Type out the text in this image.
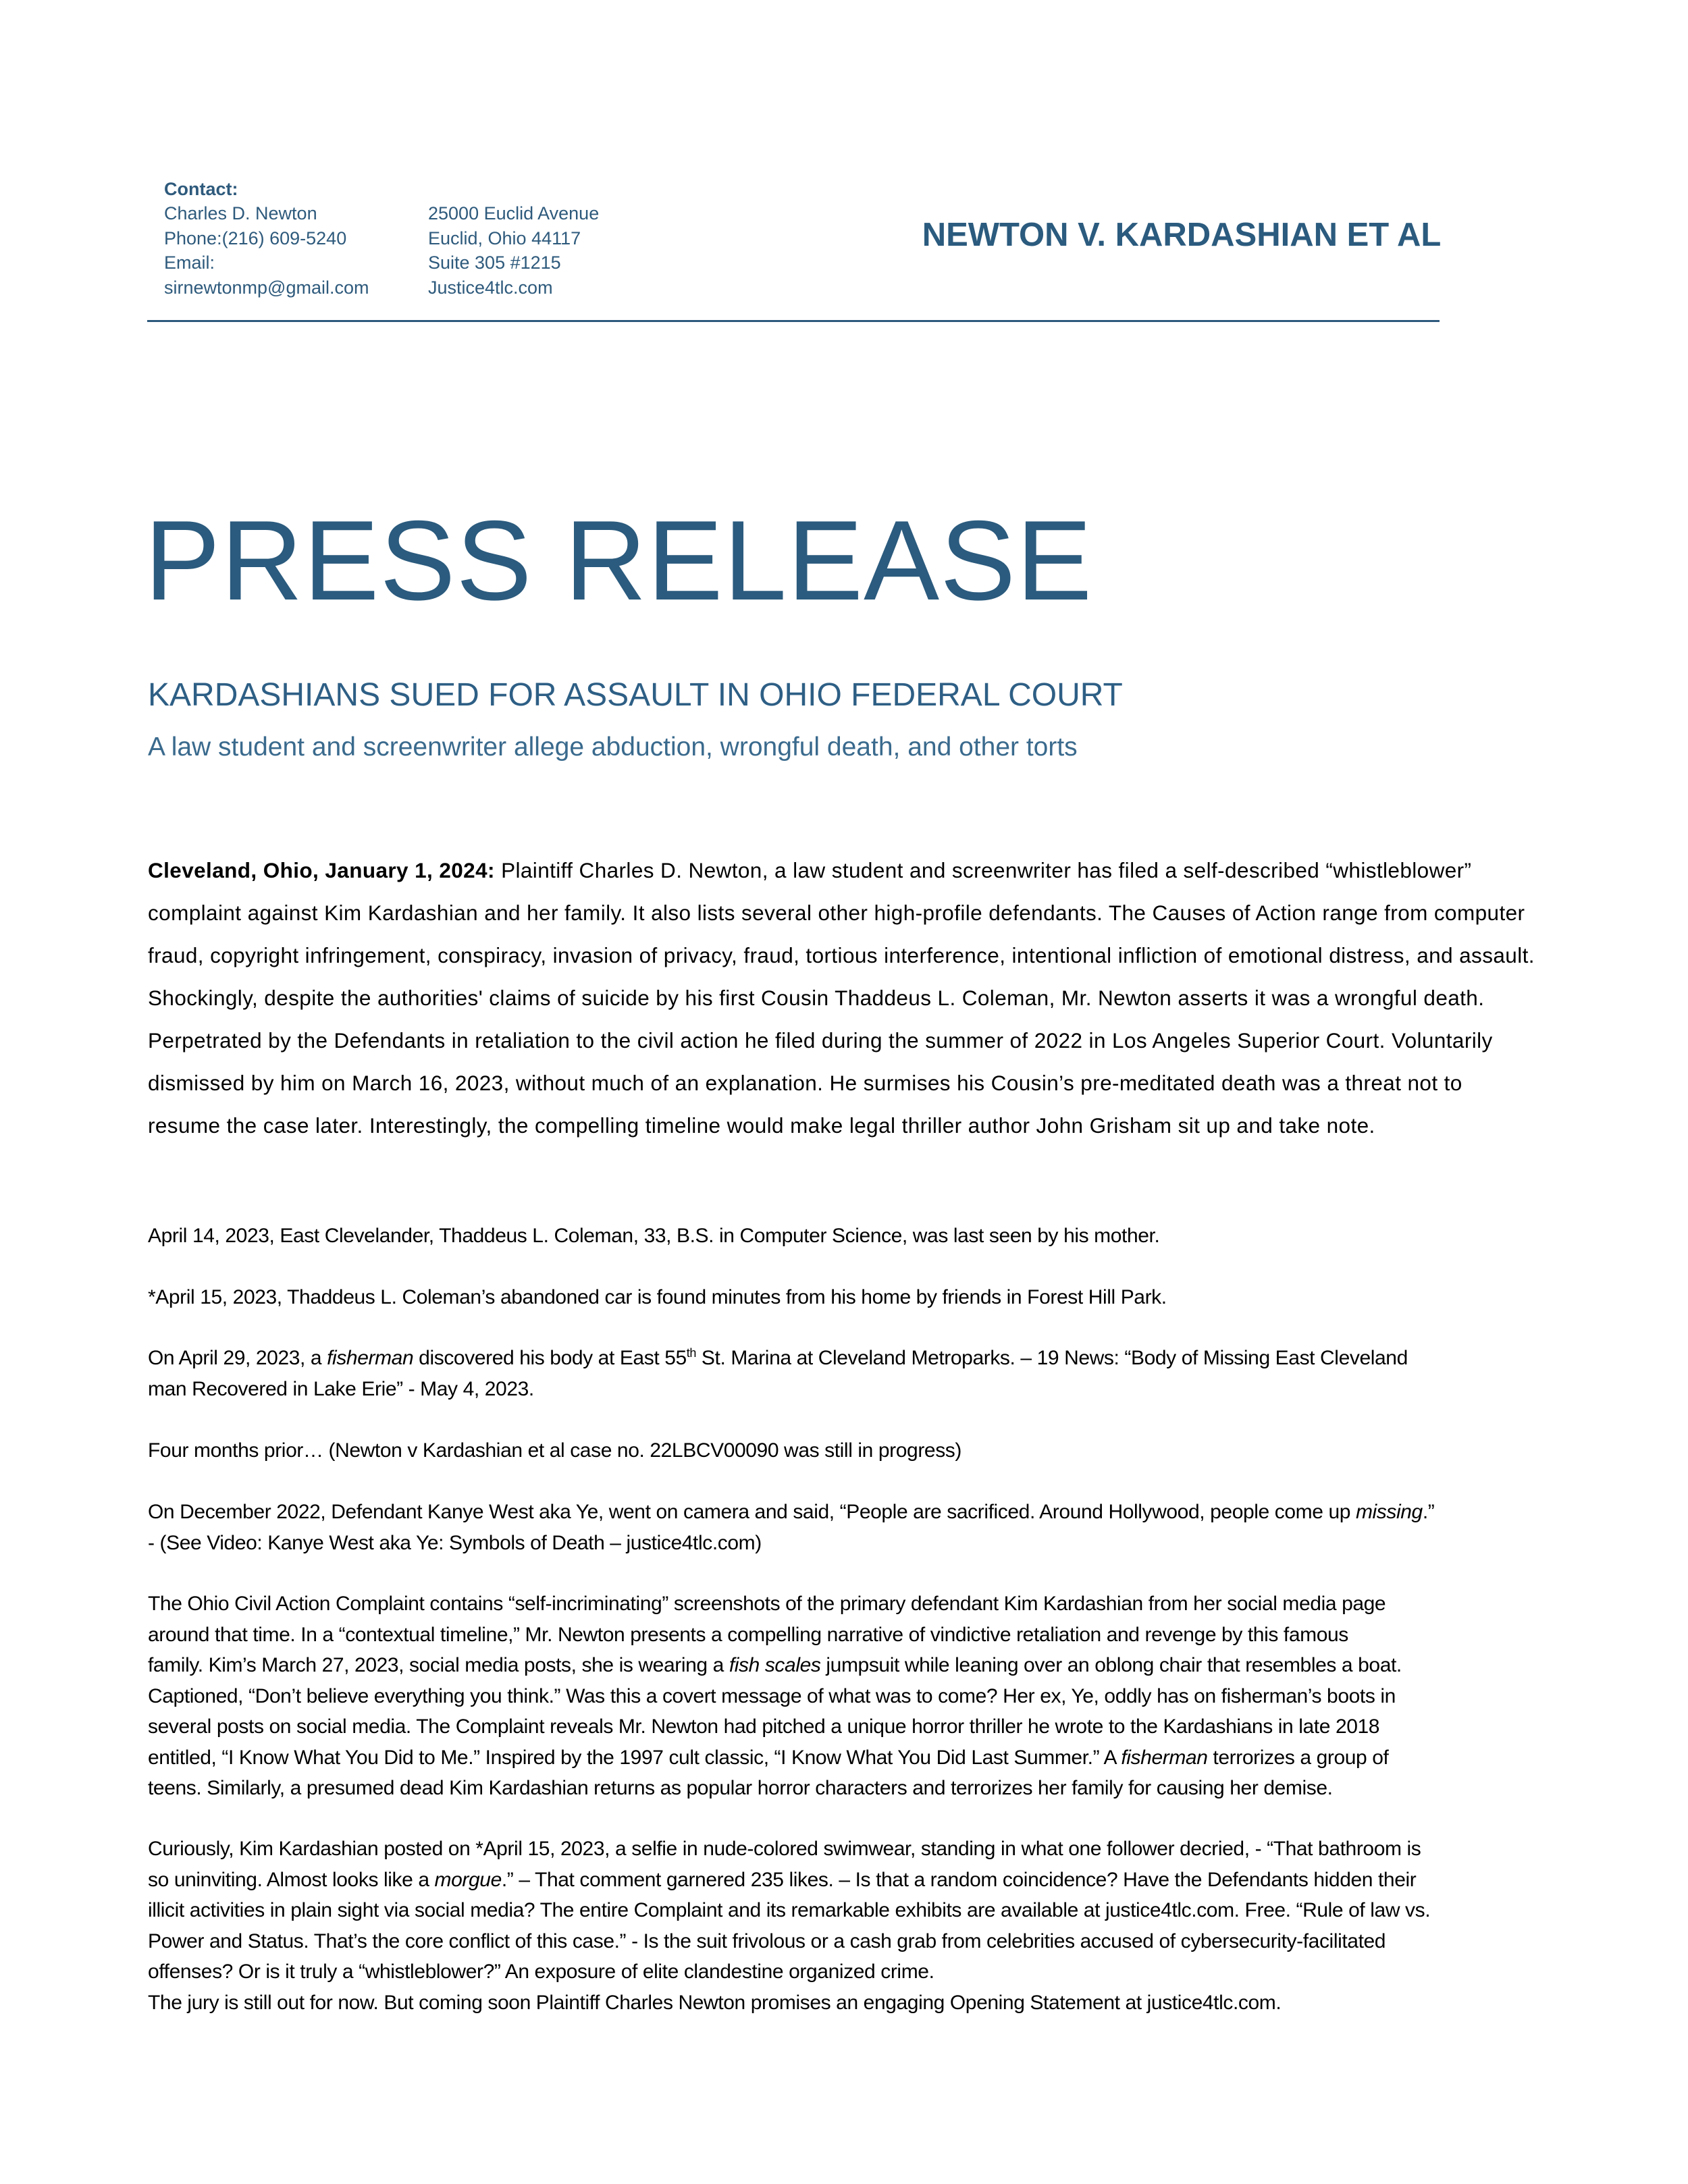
Contact:
Charles D. Newton
Phone:(216) 609-5240
Email:
sirnewtonmp@gmail.com
25000 Euclid Avenue
Euclid, Ohio 44117
Suite 305 #1215
Justice4tlc.com
NEWTON V. KARDASHIAN ET AL
PRESS RELEASE
KARDASHIANS SUED FOR ASSAULT IN OHIO FEDERAL COURT
A law student and screenwriter allege abduction, wrongful death, and other torts
Cleveland, Ohio, January 1, 2024: Plaintiff Charles D. Newton, a law student and screenwriter has filed a self-described “whistleblower” complaint against Kim Kardashian and her family. It also lists several other high-profile defendants. The Causes of Action range from computer fraud, copyright infringement, conspiracy, invasion of privacy, fraud, tortious interference, intentional infliction of emotional distress, and assault. Shockingly, despite the authorities' claims of suicide by his first Cousin Thaddeus L. Coleman, Mr. Newton asserts it was a wrongful death. Perpetrated by the Defendants in retaliation to the civil action he filed during the summer of 2022 in Los Angeles Superior Court. Voluntarily dismissed by him on March 16, 2023, without much of an explanation. He surmises his Cousin’s pre-meditated death was a threat not to resume the case later. Interestingly, the compelling timeline would make legal thriller author John Grisham sit up and take note.

April 14, 2023, East Clevelander, Thaddeus L. Coleman, 33, B.S. in Computer Science, was last seen by his mother.

*April 15, 2023, Thaddeus L. Coleman’s abandoned car is found minutes from his home by friends in Forest Hill Park.

On April 29, 2023, a fisherman discovered his body at East 55th St. Marina at Cleveland Metroparks. – 19 News: “Body of Missing East Cleveland
man Recovered in Lake Erie” - May 4, 2023.

Four months prior… (Newton v Kardashian et al case no. 22LBCV00090 was still in progress)

On December 2022, Defendant Kanye West aka Ye, went on camera and said, “People are sacrificed. Around Hollywood, people come up missing.”
- (See Video: Kanye West aka Ye: Symbols of Death – justice4tlc.com)

The Ohio Civil Action Complaint contains “self-incriminating” screenshots of the primary defendant Kim Kardashian from her social media page
around that time. In a “contextual timeline,” Mr. Newton presents a compelling narrative of vindictive retaliation and revenge by this famous
family. Kim’s March 27, 2023, social media posts, she is wearing a fish scales jumpsuit while leaning over an oblong chair that resembles a boat.
Captioned, “Don’t believe everything you think.” Was this a covert message of what was to come? Her ex, Ye, oddly has on fisherman’s boots in
several posts on social media. The Complaint reveals Mr. Newton had pitched a unique horror thriller he wrote to the Kardashians in late 2018
entitled, “I Know What You Did to Me.” Inspired by the 1997 cult classic, “I Know What You Did Last Summer.” A fisherman terrorizes a group of
teens. Similarly, a presumed dead Kim Kardashian returns as popular horror characters and terrorizes her family for causing her demise.

Curiously, Kim Kardashian posted on *April 15, 2023, a selfie in nude-colored swimwear, standing in what one follower decried, - “That bathroom is
so uninviting. Almost looks like a morgue.” – That comment garnered 235 likes. – Is that a random coincidence? Have the Defendants hidden their
illicit activities in plain sight via social media? The entire Complaint and its remarkable exhibits are available at justice4tlc.com. Free. “Rule of law vs.
Power and Status. That’s the core conflict of this case.” - Is the suit frivolous or a cash grab from celebrities accused of cybersecurity-facilitated
offenses? Or is it truly a “whistleblower?” An exposure of elite clandestine organized crime.
The jury is still out for now. But coming soon Plaintiff Charles Newton promises an engaging Opening Statement at justice4tlc.com.
